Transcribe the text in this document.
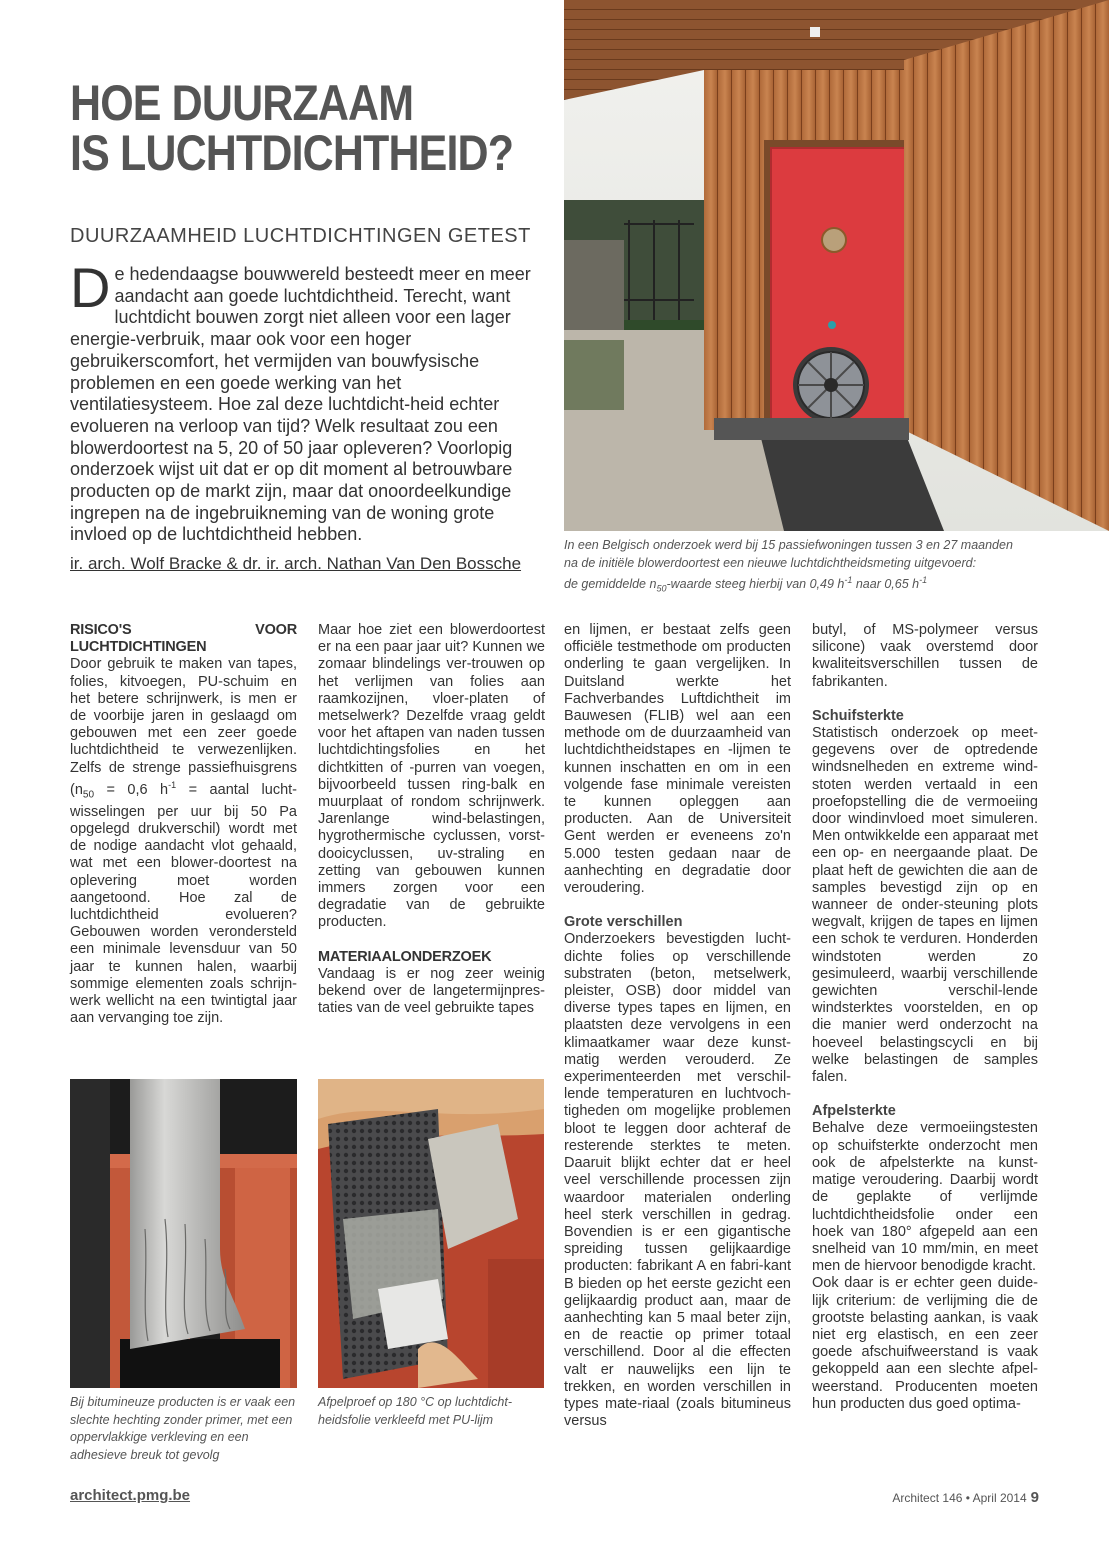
HOE DUURZAAM
IS LUCHTDICHTHEID?
DUURZAAMHEID LUCHTDICHTINGEN GETEST
De hedendaagse bouwwereld besteedt meer en meer aandacht aan goede luchtdichtheid. Terecht, want luchtdicht bouwen zorgt niet alleen voor een lager energie-verbruik, maar ook voor een hoger gebruikerscomfort, het vermijden van bouwfysische problemen en een goede werking van het ventilatiesysteem. Hoe zal deze luchtdicht-heid echter evolueren na verloop van tijd? Welk resultaat zou een blowerdoortest na 5, 20 of 50 jaar opleveren? Voorlopig onderzoek wijst uit dat er op dit moment al betrouwbare producten op de markt zijn, maar dat onoordeelkundige ingrepen na de ingebruikneming van de woning grote invloed op de luchtdichtheid hebben.
ir. arch. Wolf Bracke & dr. ir. arch. Nathan Van Den Bossche
In een Belgisch onderzoek werd bij 15 passiefwoningen tussen 3 en 27 maanden
na de initiële blowerdoortest een nieuwe luchtdichtheidsmeting uitgevoerd:
de gemiddelde $n_{50}$-waarde steeg hierbij van 0,49 $h^{-1}$ naar 0,65 $h^{-1}$

RISICO'S VOOR LUCHTDICHTINGEN

Door gebruik te maken van tapes, folies, kitvoegen, PU-schuim en het betere schrijnwerk, is men er de voorbije jaren in geslaagd om gebouwen met een zeer goede luchtdichtheid te verwezenlijken. Zelfs de strenge passiefhuisgrens ($n_{50} = 0,6$ $h^{-1}$ = aantal lucht-wisselingen per uur bij 50 Pa opgelegd drukverschil) wordt met de nodige aandacht vlot gehaald, wat met een blower-doortest na oplevering moet worden aangetoond. Hoe zal de luchtdichtheid evolueren? Gebouwen worden verondersteld een minimale levensduur van 50 jaar te kunnen halen, waarbij sommige elementen zoals schrijn-werk wellicht na een twintigtal jaar aan vervanging toe zijn.

Maar hoe ziet een blowerdoortest er na een paar jaar uit? Kunnen we zomaar blindelings ver-trouwen op het verlijmen van folies aan raamkozijnen, vloer-platen of metselwerk? Dezelfde vraag geldt voor het aftapen van naden tussen luchtdichtingsfolies en het dichtkitten of -purren van voegen, bijvoorbeeld tussen ring-balk en muurplaat of rondom schrijnwerk. Jarenlange wind-belastingen, hygrothermische cyclussen, vorst-dooicyclussen, uv-straling en zetting van gebouwen kunnen immers zorgen voor een degradatie van de gebruikte producten.

MATERIAALONDERZOEK

Vandaag is er nog zeer weinig bekend over de langetermijnpres-taties van de veel gebruikte tapes

en lijmen, er bestaat zelfs geen officiële testmethode om producten onderling te gaan vergelijken. In Duitsland werkte het Fachverbandes Luftdichtheit im Bauwesen (FLIB) wel aan een methode om de duurzaamheid van luchtdichtheidstapes en -lijmen te kunnen inschatten en om in een volgende fase minimale vereisten te kunnen opleggen aan producten. Aan de Universiteit Gent werden er eveneens zo'n 5.000 testen gedaan naar de aanhechting en degradatie door veroudering.

Grote verschillen

Onderzoekers bevestigden lucht-dichte folies op verschillende substraten (beton, metselwerk, pleister, OSB) door middel van diverse types tapes en lijmen, en plaatsten deze vervolgens in een klimaatkamer waar deze kunst-matig werden verouderd. Ze experimenteerden met verschil-lende temperaturen en luchtvoch-tigheden om mogelijke problemen bloot te leggen door achteraf de resterende sterktes te meten. Daaruit blijkt echter dat er heel veel verschillende processen zijn waardoor materialen onderling heel sterk verschillen in gedrag. Bovendien is er een gigantische spreiding tussen gelijkaardige producten: fabrikant A en fabri-kant B bieden op het eerste gezicht een gelijkaardig product aan, maar de aanhechting kan 5 maal beter zijn, en de reactie op primer totaal verschillend. Door al die effecten valt er nauwelijks een lijn te trekken, en worden verschillen in types mate-riaal (zoals bitumineus versus

butyl, of MS-polymeer versus silicone) vaak overstemd door kwaliteitsverschillen tussen de fabrikanten.

Schuifsterkte

Statistisch onderzoek op meet-gegevens over de optredende windsnelheden en extreme wind-stoten werden vertaald in een proefopstelling die de vermoeiing door windinvloed moet simuleren. Men ontwikkelde een apparaat met een op- en neergaande plaat. De plaat heft de gewichten die aan de samples bevestigd zijn op en wanneer de onder-steuning plots wegvalt, krijgen de tapes en lijmen een schok te verduren. Honderden windstoten werden zo gesimuleerd, waarbij verschillende gewichten verschil-lende windsterktes voorstelden, en op die manier werd onderzocht na hoeveel belastingscycli en bij welke belastingen de samples falen.

Afpelsterkte

Behalve deze vermoeiingstesten op schuifsterkte onderzocht men ook de afpelsterkte na kunst-matige veroudering. Daarbij wordt de geplakte of verlijmde luchtdichtheidsfolie onder een hoek van 180° afgepeld aan een snelheid van 10 mm/min, en meet men de hiervoor benodigde kracht.

Ook daar is er echter geen duide-lijk criterium: de verlijming die de grootste belasting aankan, is vaak niet erg elastisch, en een zeer goede afschuifweerstand is vaak gekoppeld aan een slechte afpel-weerstand. Producenten moeten hun producten dus goed optima-

Bij bitumineuze producten is er vaak een slechte hechting zonder primer, met een oppervlakkige verkleving en een adhesieve breuk tot gevolg
Afpelproef op 180 °C op luchtdicht-heidsfolie verkleefd met PU-lijm
architect.pmg.be	Architect 146 • April 2014 9
